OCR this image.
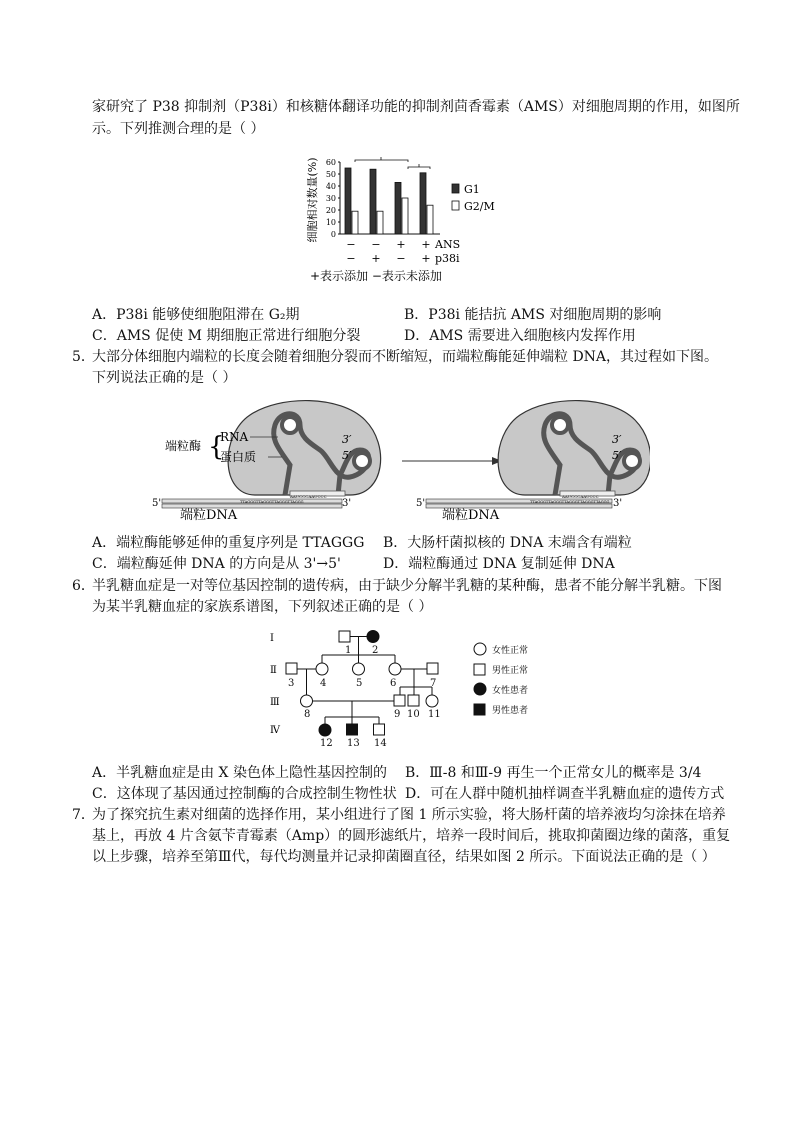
家研究了 P38 抑制剂（P38i）和核糖体翻译功能的抑制剂茴香霉素（AMS）对细胞周期的作用，如图所
示。下列推测合理的是（ ）
细胞相对数量(%) 60
50
40
30
20
10
0
G1
G2/M
− − + + ANS
− + − + p38i
+表示添加 −表示未添加
A．P38i 能够使细胞阻滞在 G₂期	B．P38i 能拮抗 AMS 对细胞周期的影响
C．AMS 促使 M 期细胞正常进行细胞分裂	D．AMS 需要进入细胞核内发挥作用
5．
大部分体细胞内端粒的长度会随着细胞分裂而不断缩短，而端粒酶能延伸端粒 DNA，其过程如下图。
下列说法正确的是（ ）
3′
5′
端粒酶 {
RNA
蛋白质
5'
AAUCCCAAUCCC
TTAGGGTTAGGGTTAGGGTTAGGG	3'
端粒DNA
3′
5′
5'
AAUCCCAAUCCC
TTAGGGTTAGGGTTAGGGTTAGGGTTAGGG 3'
端粒DNA
A．端粒酶能够延伸的重复序列是 TTAGGG B．大肠杆菌拟核的 DNA 末端含有端粒
C．端粒酶延伸 DNA 的方向是从 3'→5'	D．端粒酶通过 DNA 复制延伸 DNA
6．
半乳糖血症是一对等位基因控制的遗传病，由于缺少分解半乳糖的某种酶，患者不能分解半乳糖。下图
为某半乳糖血症的家族系谱图，下列叙述正确的是（ ）
Ⅰ
Ⅱ
Ⅲ
Ⅳ
1 2
3	4	5	6	7
8	9 10 11
12 13 14
女性正常
男性正常
女性患者
男性患者
A．半乳糖血症是由 X 染色体上隐性基因控制的 B．Ⅲ-8 和Ⅲ-9 再生一个正常女儿的概率是 3/4
C．这体现了基因通过控制酶的合成控制生物性状 D．可在人群中随机抽样调查半乳糖血症的遗传方式
7．
为了探究抗生素对细菌的选择作用，某小组进行了图 1 所示实验，将大肠杆菌的培养液均匀涂抹在培养
基上，再放 4 片含氨苄青霉素（Amp）的圆形滤纸片，培养一段时间后，挑取抑菌圈边缘的菌落，重复
以上步骤，培养至第Ⅲ代，每代均测量并记录抑菌圈直径，结果如图 2 所示。下面说法正确的是（ ）
